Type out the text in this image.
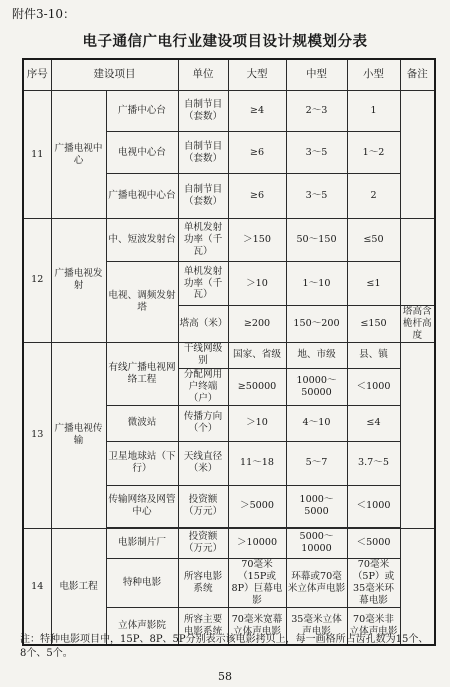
附件3-10：
电子通信广电行业建设项目设计规模划分表
序号	建设项目		单位	大型	中型	小型	备注
11	广播电视中心	广播中心台	自制节目（套数）	≥4	2～3	1	
		电视中心台	自制节目（套数）	≥6	3～5	1～2	
		广播电视中心台	自制节目（套数）	≥6	3～5	2	
12	广播电视发射	中、短波发射台	单机发射功率（千瓦）	＞150	50～150	≤50	
		电视、调频发射塔	单机发射功率（千瓦）	＞10	1～10	≤1	
			塔高（米）	≥200	150～200	≤150	塔高含桅杆高度
13	广播电视传输	有线广播电视网络工程	干线网级别	国家、省级	地、市级	县、镇	
			分配网用户终端（户）	≥50000	10000～50000	＜1000	
		微波站	传播方向（个）	＞10	4～10	≤4	
		卫星地球站（下行）	天线直径（米）	11～18	5～7	3.7～5	
		传输网络及网管中心	投资额（万元）	＞5000	1000～5000	＜1000	

14	电影工程	电影制片厂	投资额（万元）	＞10000	5000～10000	＜5000	
		特种电影	所容电影系统	70毫米（15P或8P）巨幕电影	环幕或70毫米立体声电影	70毫米（5P）或35毫米环幕电影	
		立体声影院	所容主要电影系统	70毫米宽幕立体声电影	35毫米立体声电影	70毫米非立体声电影	
注：特种电影项目中，15P、8P、5P分别表示该电影拷贝上，每一画格所占齿孔数为15个、8个、5个。
58
